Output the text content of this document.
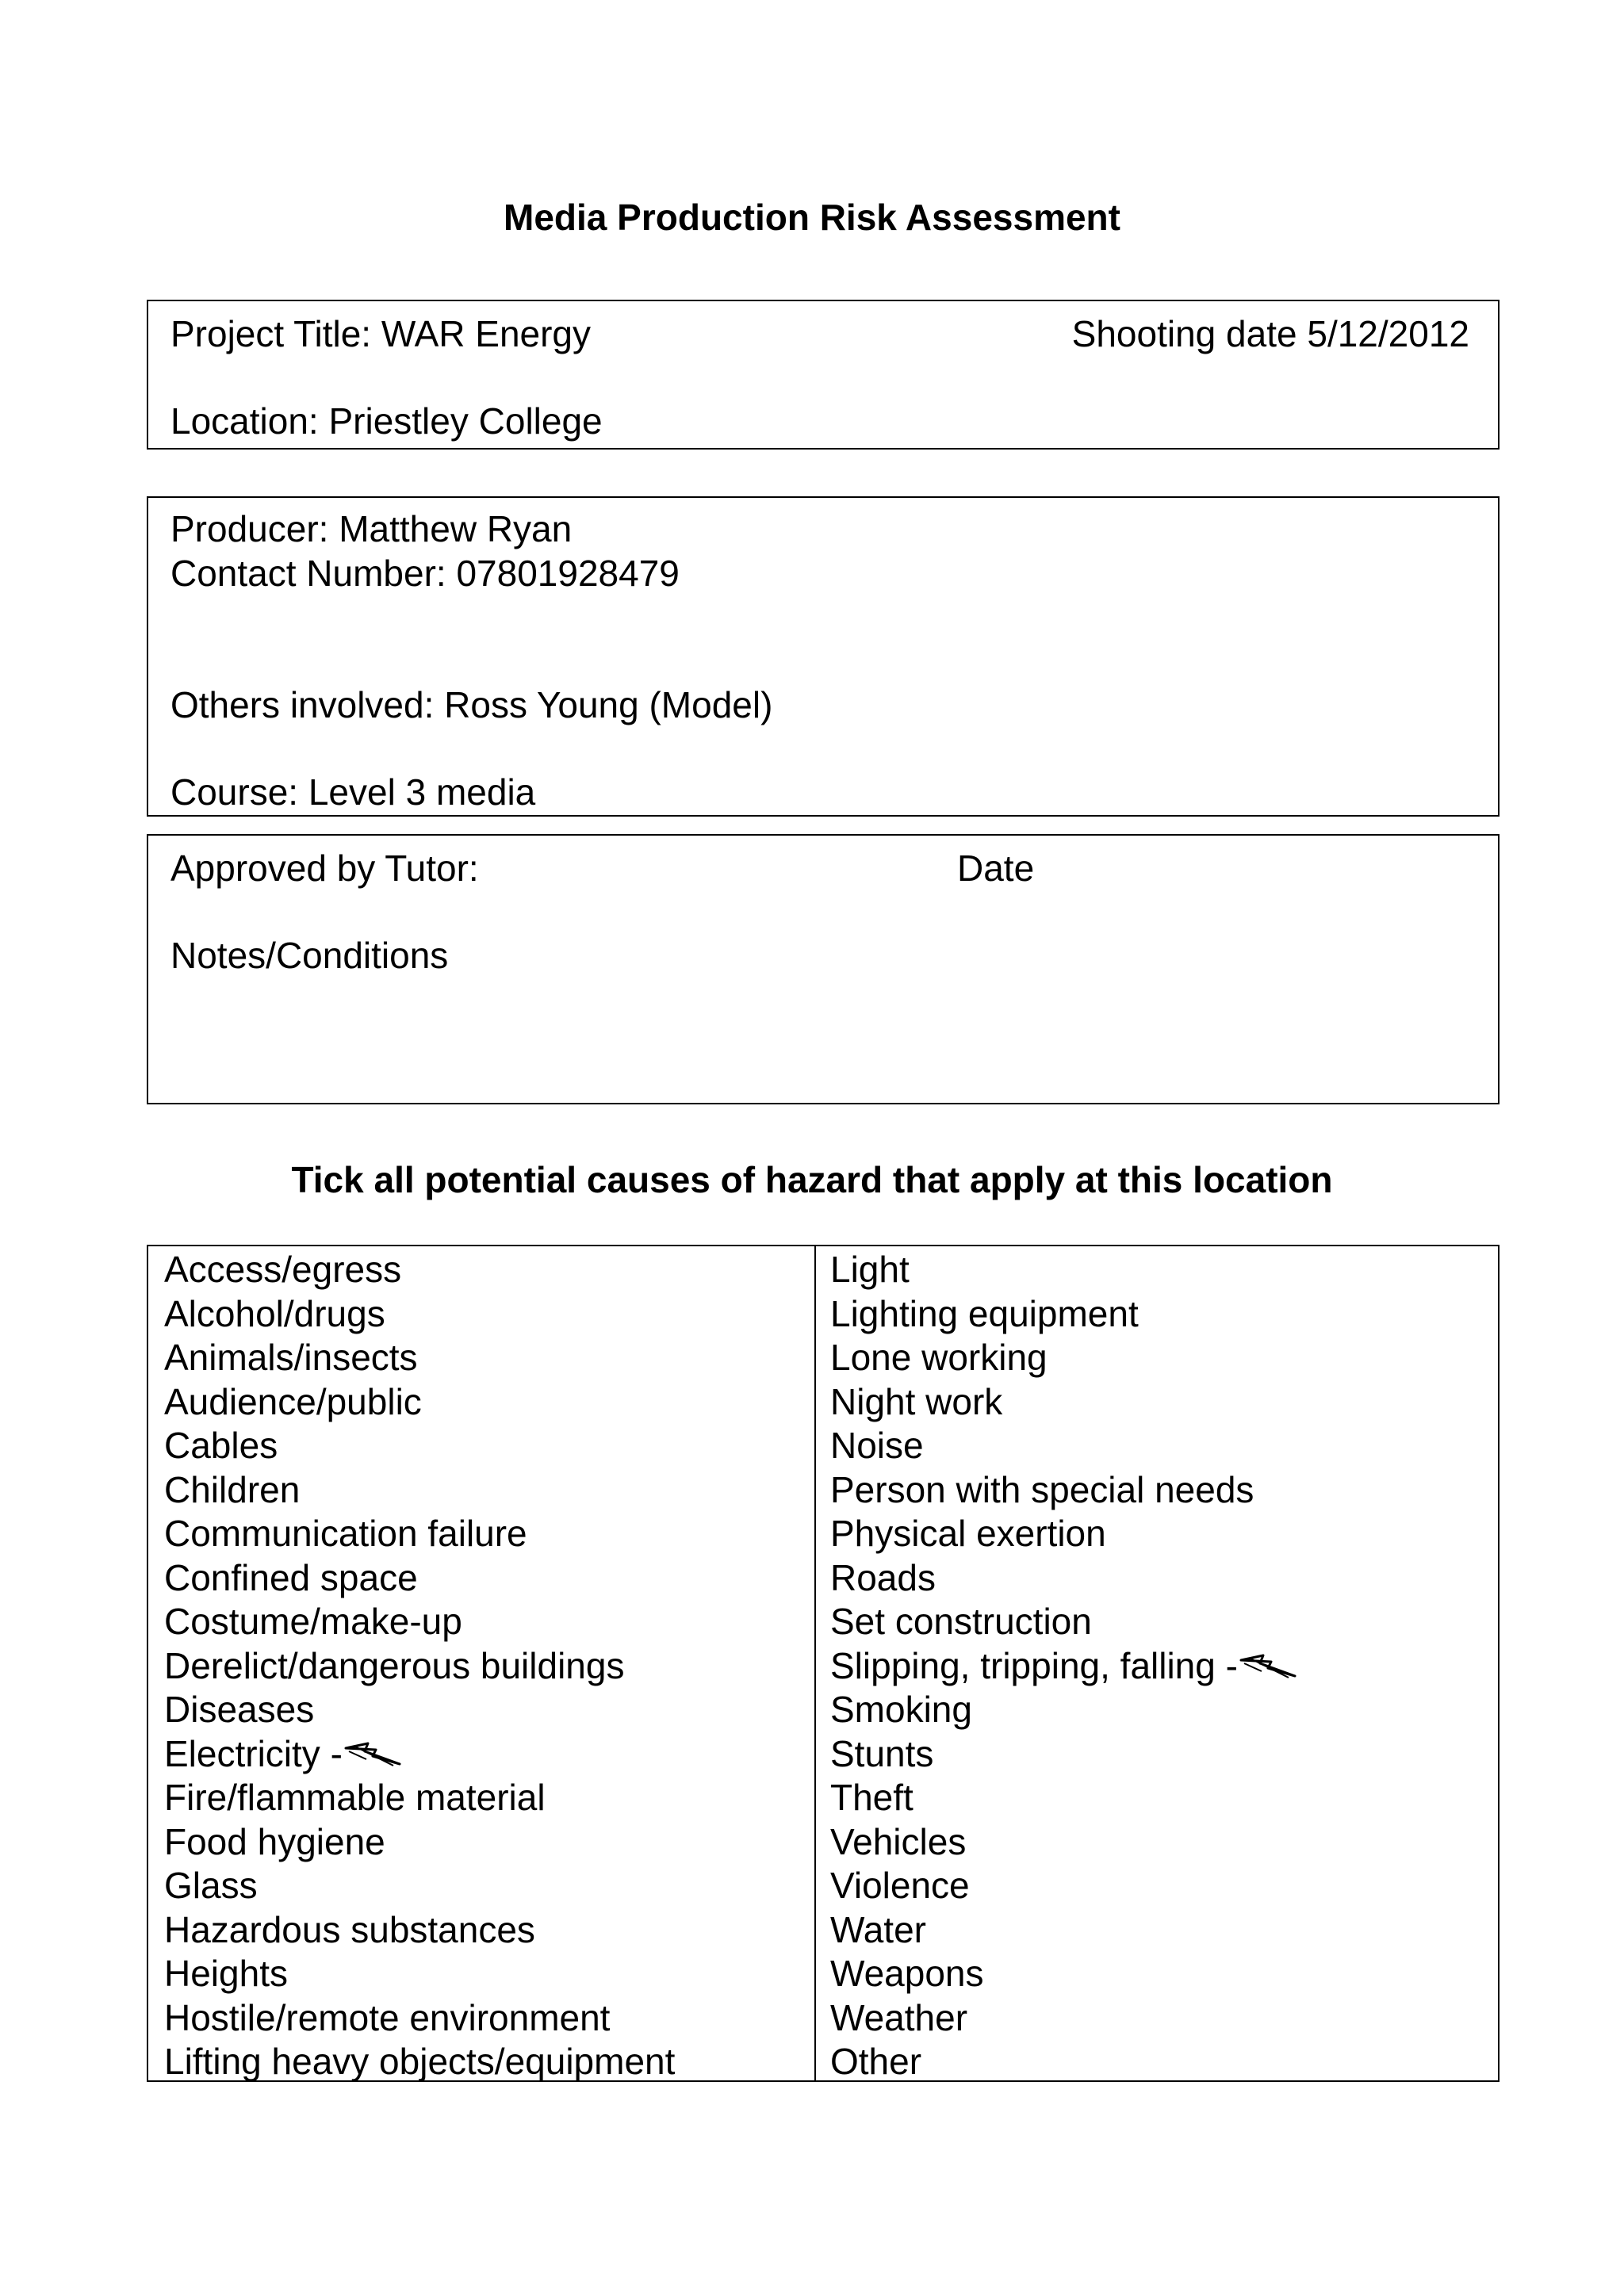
Media Production Risk Assessment
Project Title: WAR Energy	Shooting date 5/12/2012
Location: Priestley College
Producer: Matthew Ryan
Contact Number: 07801928479
Others involved: Ross Young (Model)
Course: Level 3 media
Approved by Tutor:	Date
Notes/Conditions
Tick all potential causes of hazard that apply at this location
Access/egress
Alcohol/drugs
Animals/insects
Audience/public
Cables
Children
Communication failure
Confined space
Costume/make-up
Derelict/dangerous buildings
Diseases
Electricity -
Fire/flammable material
Food hygiene
Glass
Hazardous substances
Heights
Hostile/remote environment
Lifting heavy objects/equipment
Light
Lighting equipment
Lone working
Night work
Noise
Person with special needs
Physical exertion
Roads
Set construction
Slipping, tripping, falling -
Smoking
Stunts
Theft
Vehicles
Violence
Water
Weapons
Weather
Other
